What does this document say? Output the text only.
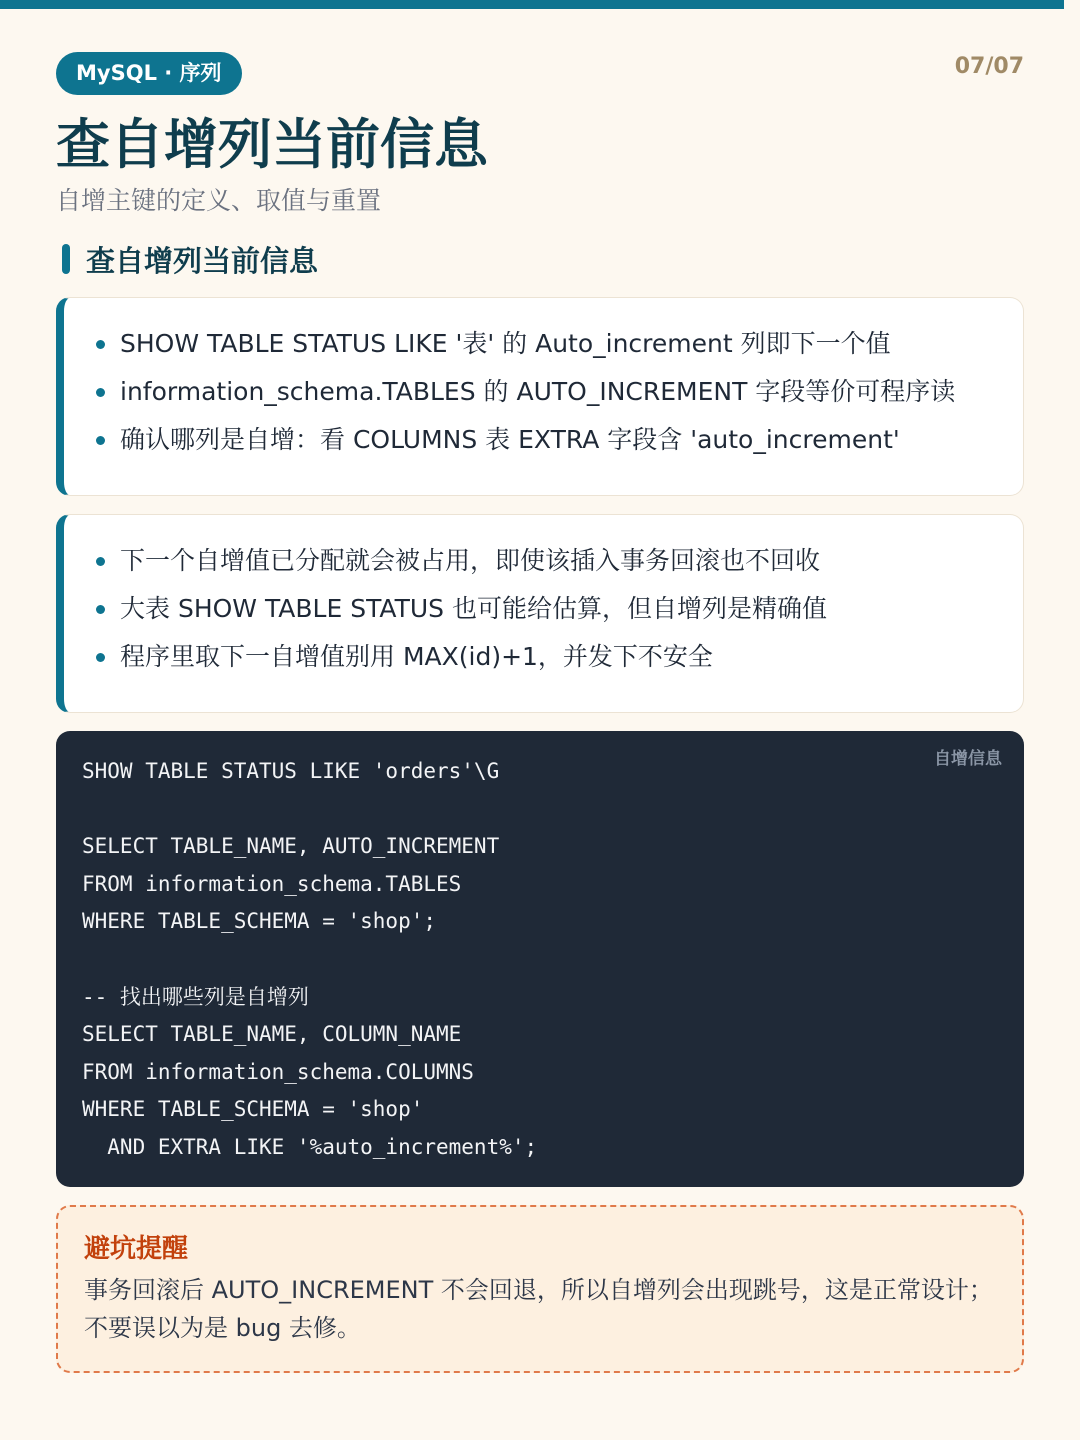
MySQL · 序列	07/07
查自增列当前信息

自增主键的定义、取值与重置

查自增列当前信息
SHOW TABLE STATUS LIKE '表' 的 Auto_increment 列即下一个值
information_schema.TABLES 的 AUTO_INCREMENT 字段等价可程序读
确认哪列是自增：看 COLUMNS 表 EXTRA 字段含 'auto_increment'
下一个自增值已分配就会被占用，即使该插入事务回滚也不回收
大表 SHOW TABLE STATUS 也可能给估算，但自增列是精确值
程序里取下一自增值别用 MAX(id)+1，并发下不安全
自增信息
SHOW TABLE STATUS LIKE 'orders'\G
SELECT TABLE_NAME, AUTO_INCREMENT
FROM information_schema.TABLES
WHERE TABLE_SCHEMA = 'shop';
-- 找出哪些列是自增列
SELECT TABLE_NAME, COLUMN_NAME
FROM information_schema.COLUMNS
WHERE TABLE_SCHEMA = 'shop'
AND EXTRA LIKE '%auto_increment%';
避坑提醒

事务回滚后 AUTO_INCREMENT 不会回退，所以自增列会出现跳号，这是正常设计；不要误以为是 bug 去修。
